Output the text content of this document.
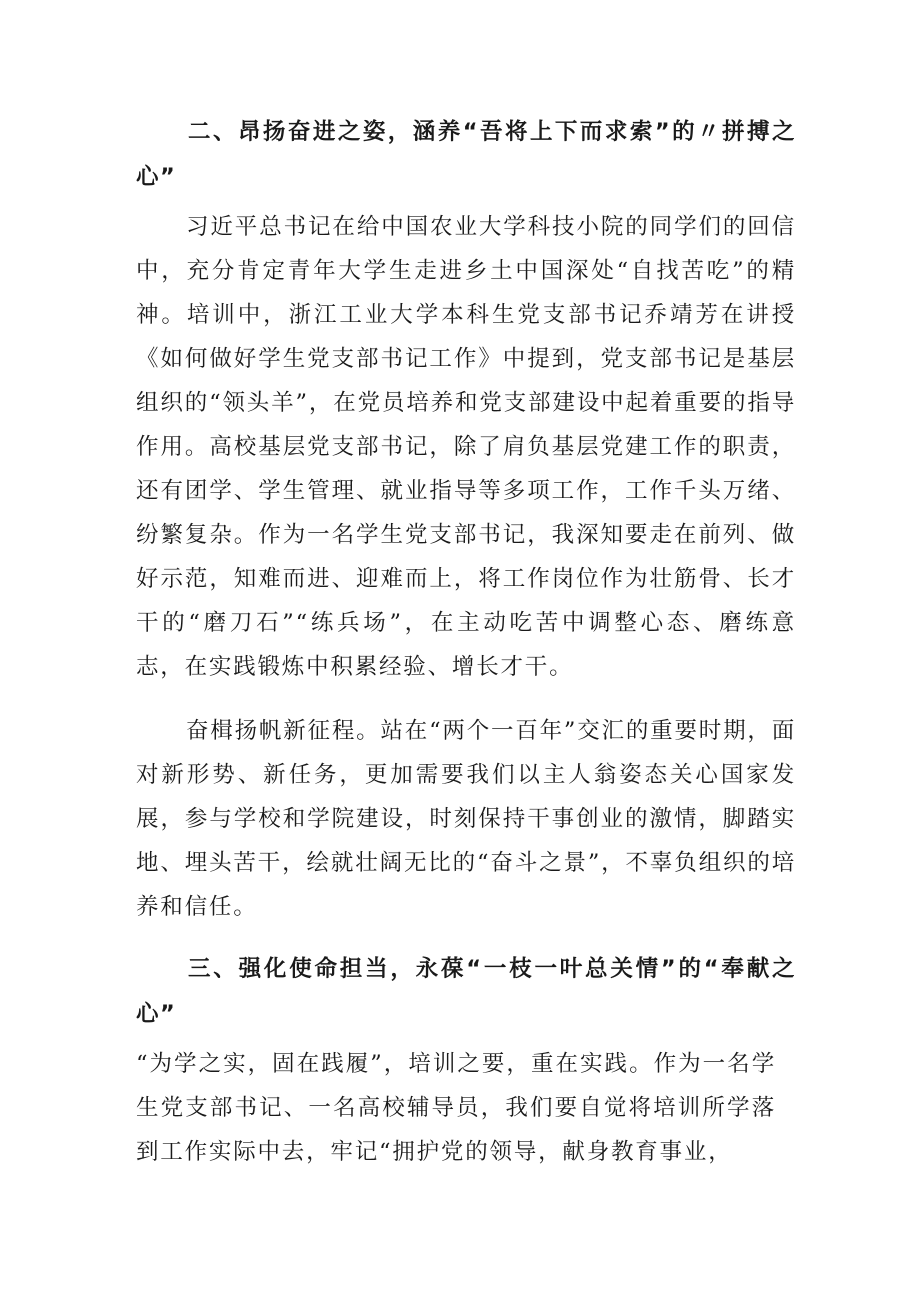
二、昂扬奋进之姿，涵养“吾将上下而求索”的〃拼搏之心”

习近平总书记在给中国农业大学科技小院的同学们的回信中，充分肯定青年大学生走进乡土中国深处“自找苦吃”的精神。培训中，浙江工业大学本科生党支部书记乔靖芳在讲授《如何做好学生党支部书记工作》中提到，党支部书记是基层组织的“领头羊”，在党员培养和党支部建设中起着重要的指导作用。高校基层党支部书记，除了肩负基层党建工作的职责，还有团学、学生管理、就业指导等多项工作，工作千头万绪、纷繁复杂。作为一名学生党支部书记，我深知要走在前列、做好示范，知难而进、迎难而上，将工作岗位作为壮筋骨、长才干的“磨刀石”“练兵场”，在主动吃苦中调整心态、磨练意志，在实践锻炼中积累经验、增长才干。

奋楫扬帆新征程。站在“两个一百年”交汇的重要时期，面对新形势、新任务，更加需要我们以主人翁姿态关心国家发展，参与学校和学院建设，时刻保持干事创业的激情，脚踏实地、埋头苦干，绘就壮阔无比的“奋斗之景”，不辜负组织的培养和信任。

三、强化使命担当，永葆“一枝一叶总关情”的“奉献之心”

“为学之实，固在践履”，培训之要，重在实践。作为一名学生党支部书记、一名高校辅导员，我们要自觉将培训所学落到工作实际中去，牢记“拥护党的领导，献身教育事业，
